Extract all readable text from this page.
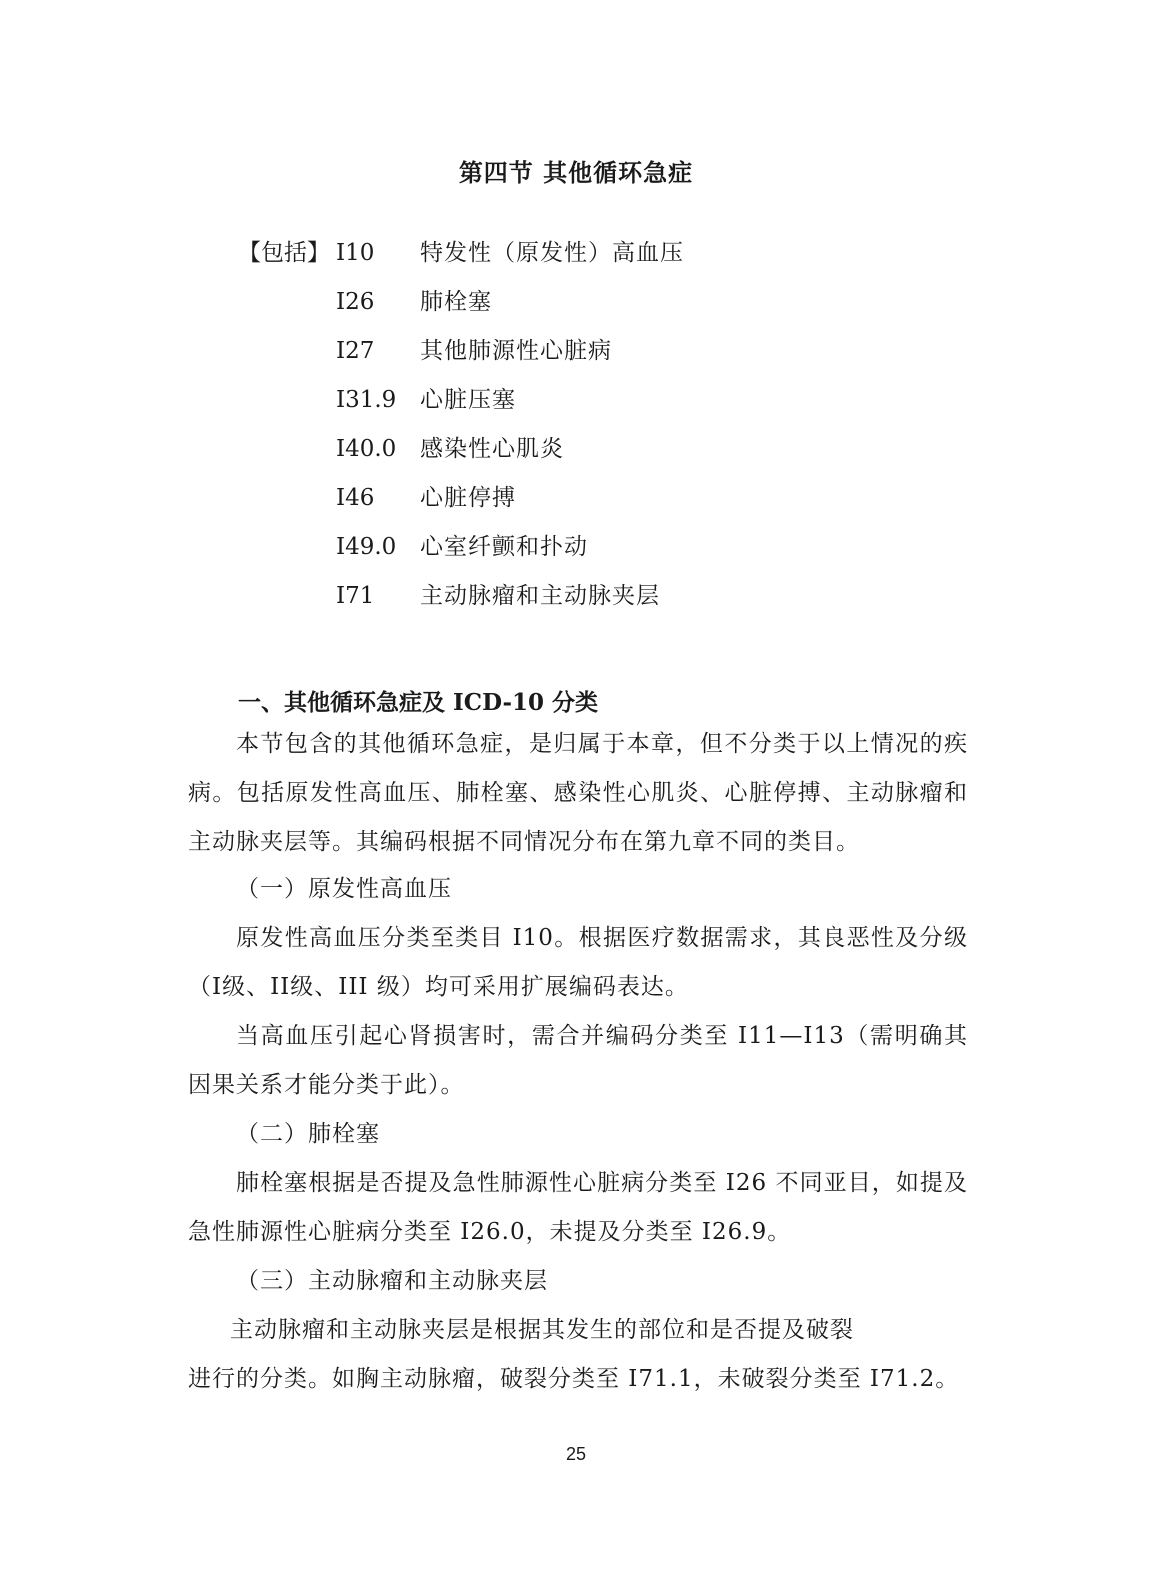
第四节 其他循环急症
【包括】 I10 特发性（原发性）高血压
I26 肺栓塞
I27 其他肺源性心脏病
I31.9 心脏压塞
I40.0 感染性心肌炎
I46 心脏停搏
I49.0 心室纤颤和扑动
I71 主动脉瘤和主动脉夹层
一、其他循环急症及 ICD-10 分类
本节包含的其他循环急症，是归属于本章，但不分类于以上情况的疾病。包括原发性高血压、肺栓塞、感染性心肌炎、心脏停搏、主动脉瘤和主动脉夹层等。其编码根据不同情况分布在第九章不同的类目。
（一）原发性高血压
原发性高血压分类至类目 I10。根据医疗数据需求，其良恶性及分级（I级、II级、III 级）均可采用扩展编码表达。
当高血压引起心肾损害时，需合并编码分类至 I11—I13（需明确其因果关系才能分类于此）。
（二）肺栓塞
肺栓塞根据是否提及急性肺源性心脏病分类至 I26 不同亚目，如提及急性肺源性心脏病分类至 I26.0，未提及分类至 I26.9。
（三）主动脉瘤和主动脉夹层
主动脉瘤和主动脉夹层是根据其发生的部位和是否提及破裂
进行的分类。如胸主动脉瘤，破裂分类至 I71.1，未破裂分类至 I71.2。
25
